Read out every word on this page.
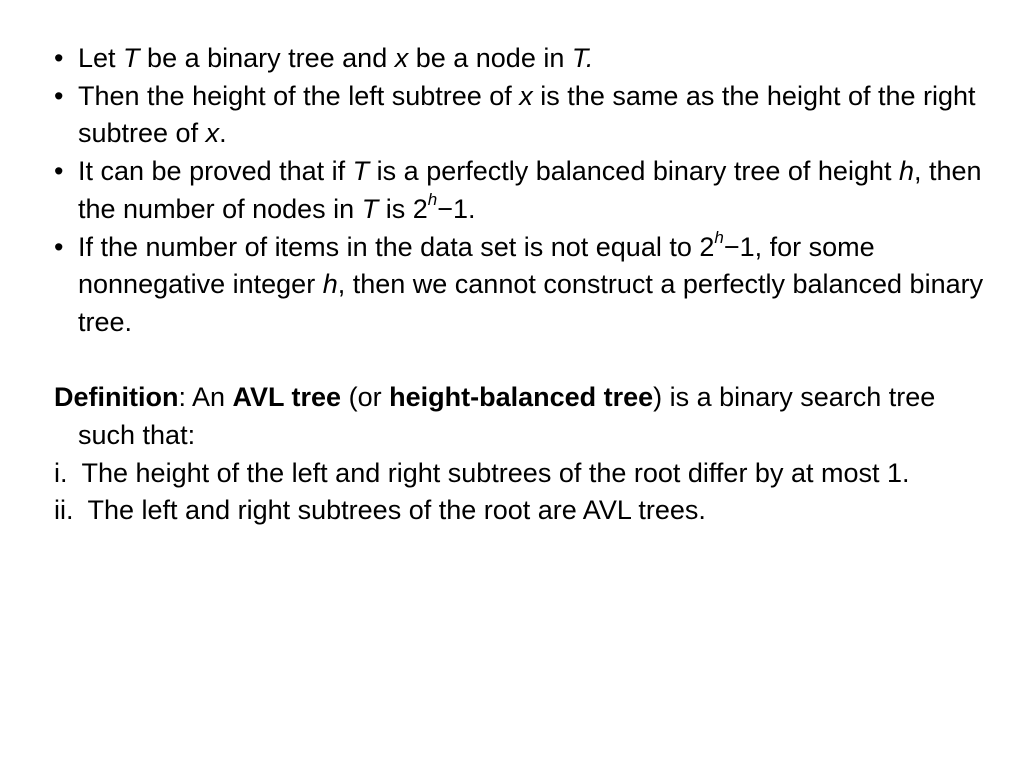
• Let T be a binary tree and x be a node in T.
• Then the height of the left subtree of x is the same as the height of the right subtree of x.
• It can be proved that if T is a perfectly balanced binary tree of height h, then the number of nodes in T is $2^h-1$.
• If the number of items in the data set is not equal to $2^h-1$, for some nonnegative integer h, then we cannot construct a perfectly balanced binary tree.

Definition: An AVL tree (or height-balanced tree) is a binary search tree such that:

i. The height of the left and right subtrees of the root differ by at most 1.
ii. The left and right subtrees of the root are AVL trees.
